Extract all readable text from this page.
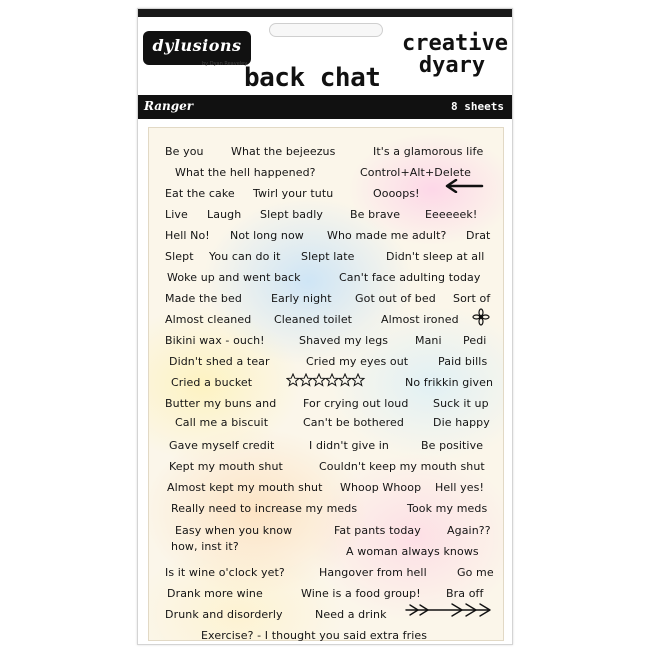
dylusions
by Dyan Reaveley
creative
dyary
back chat
Ranger	8 sheets
Be you What the bejeezus	It's a glamorous life
What the hell happened?	Control+Alt+Delete
Eat the cake Twirl your tutu	Oooops!
Live Laugh Slept badly Be brave Eeeeeek!
Hell No! Not long now Who made me adult? Drat
Slept You can do it Slept late	Didn't sleep at all
Woke up and went back	Can't face adulting today
Made the bed	Early night Got out of bed Sort of
Almost cleaned Cleaned toilet	Almost ironed
Bikini wax - ouch!	Shaved my legs Mani Pedi
Didn't shed a tear	Cried my eyes out	Paid bills
Cried a bucket	No frikkin given
Butter my buns and For crying out loud Suck it up
Call me a biscuit	Can't be bothered	Die happy
Gave myself credit	I didn't give in	Be positive
Kept my mouth shut	Couldn't keep my mouth shut
Almost kept my mouth shut Whoop Whoop Hell yes!
Really need to increase my meds	Took my meds
Easy when you know	Fat pants today Again??
how, inst it?	A woman always knows
Is it wine o'clock yet?	Hangover from hell	Go me
Drank more wine	Wine is a food group! Bra off
Drunk and disorderly	Need a drink
Exercise? - I thought you said extra fries
